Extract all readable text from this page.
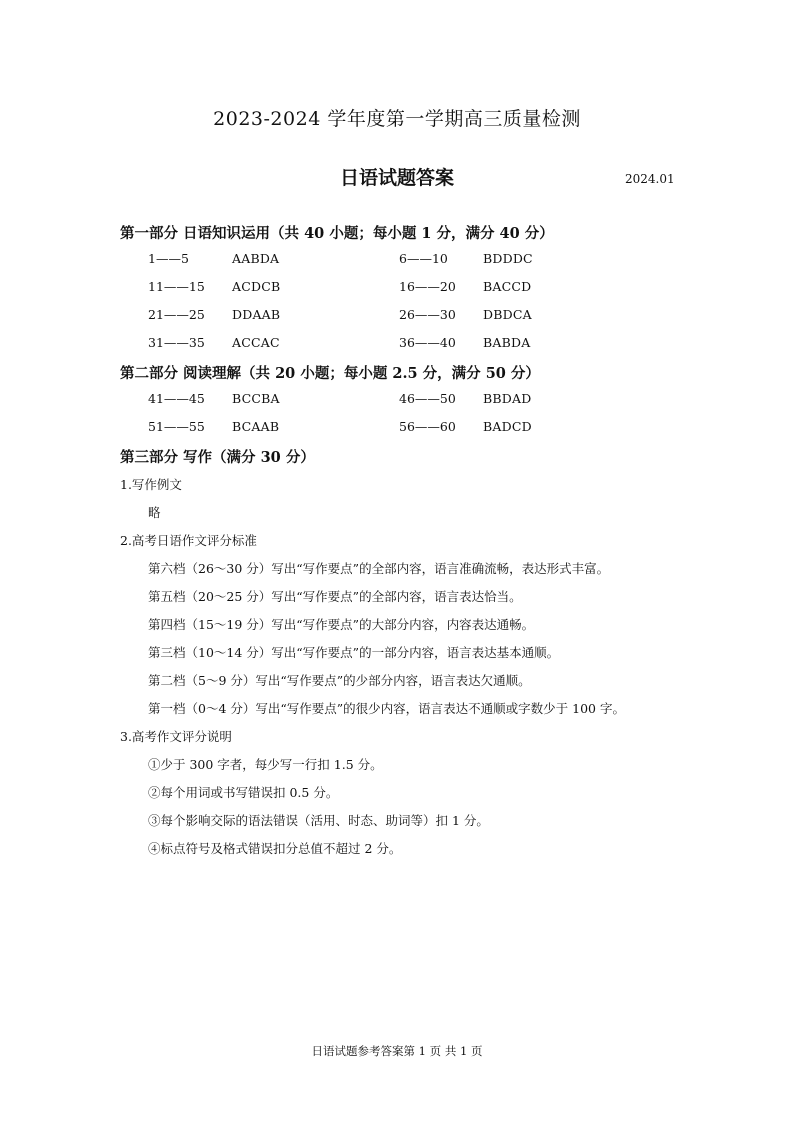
2023-2024 学年度第一学期高三质量检测
日语试题答案	2024.01
第一部分 日语知识运用（共 40 小题；每小题 1 分，满分 40 分）
1——5	AABDA	6——10	BDDDC
11——15 ACDCB	16——20 BACCD
21——25 DDAAB	26——30 DBDCA
31——35 ACCAC	36——40 BABDA
第二部分 阅读理解（共 20 小题；每小题 2.5 分，满分 50 分）
41——45 BCCBA	46——50 BBDAD
51——55 BCAAB	56——60 BADCD
第三部分 写作（满分 30 分）
1.写作例文
略
2.高考日语作文评分标准
第六档（26～30 分）写出“写作要点”的全部内容，语言准确流畅，表达形式丰富。
第五档（20～25 分）写出“写作要点”的全部内容，语言表达恰当。
第四档（15～19 分）写出“写作要点”的大部分内容，内容表达通畅。
第三档（10～14 分）写出“写作要点”的一部分内容，语言表达基本通顺。
第二档（5～9 分）写出“写作要点”的少部分内容，语言表达欠通顺。
第一档（0～4 分）写出“写作要点”的很少内容，语言表达不通顺或字数少于 100 字。
3.高考作文评分说明
①少于 300 字者，每少写一行扣 1.5 分。
②每个用词或书写错误扣 0.5 分。
③每个影响交际的语法错误（活用、时态、助词等）扣 1 分。
④标点符号及格式错误扣分总值不超过 2 分。
日语试题参考答案第 1 页 共 1 页
